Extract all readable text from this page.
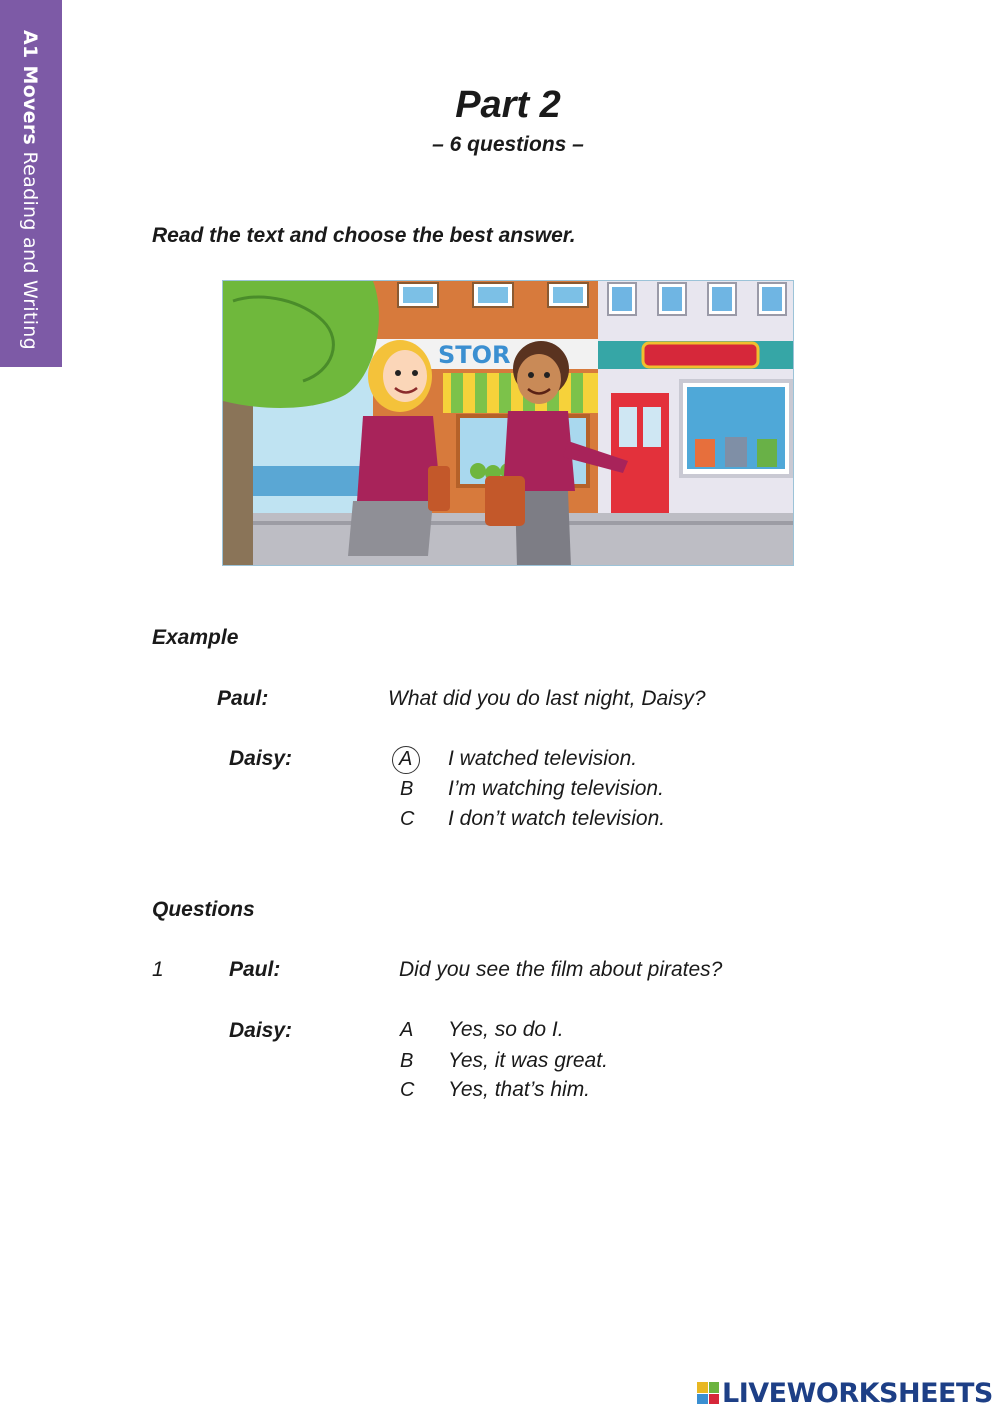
A1 Movers Reading and Writing
Part 2
– 6 questions –
Read the text and choose the best answer.
STOR
Example
Paul:	What did you do last night, Daisy?
Daisy:	A I watched television.
B I’m watching television.
C I don’t watch television.
Questions
1	Paul:	Did you see the film about pirates?
Daisy:	A Yes, so do I.
B Yes, it was great.
C Yes, that’s him.
LIVEWORKSHEETS
